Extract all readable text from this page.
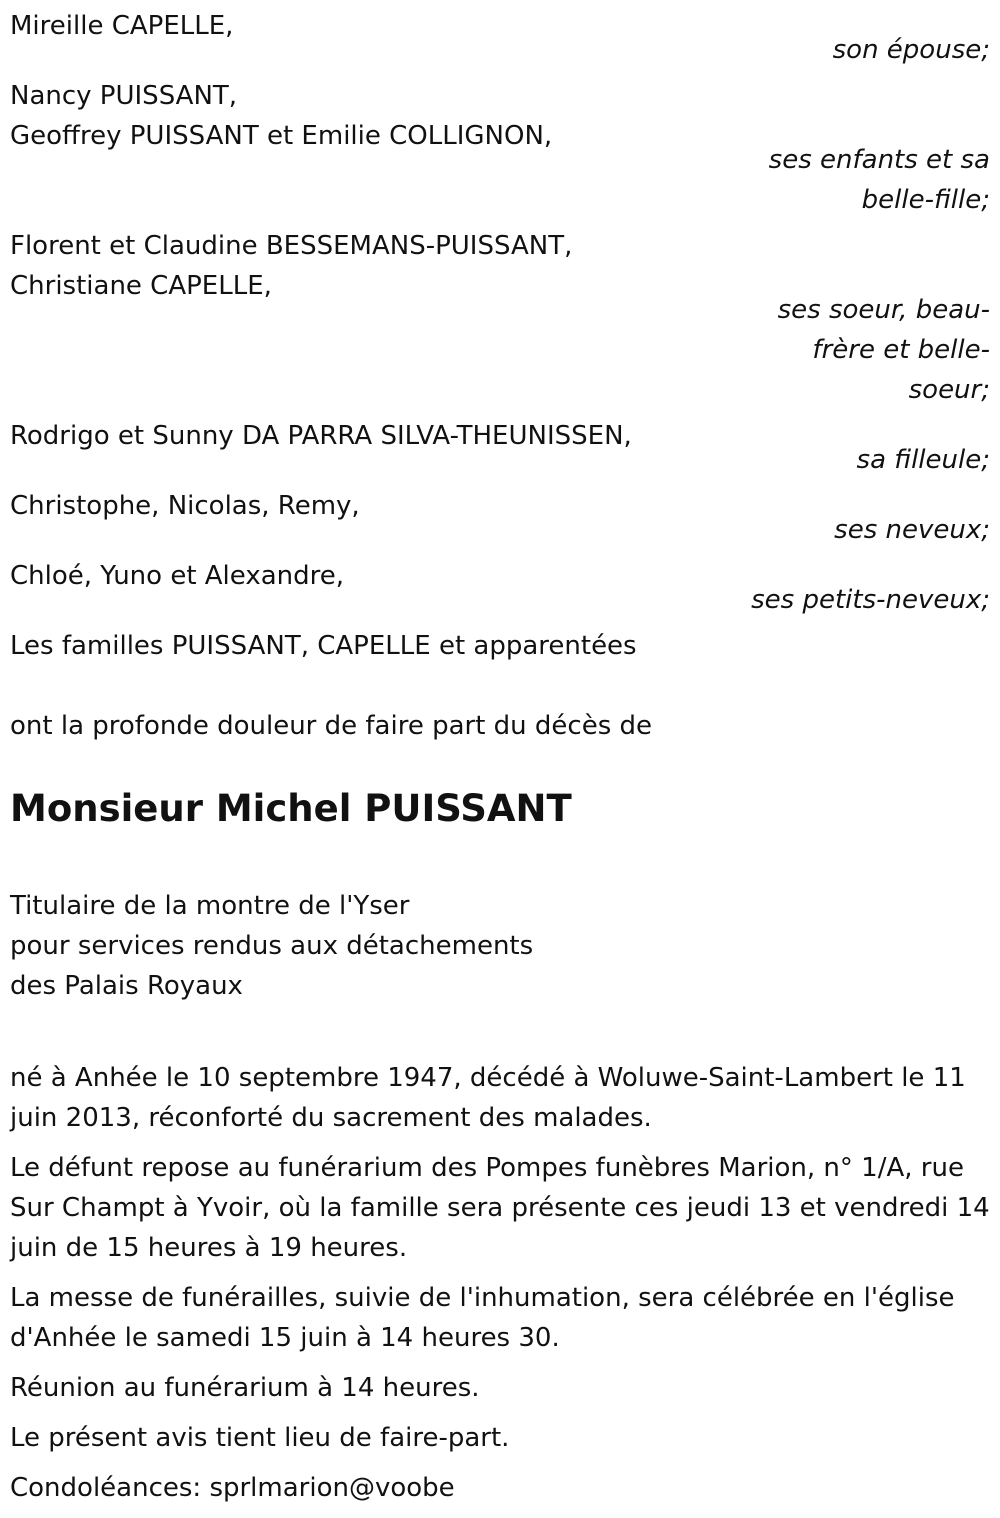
Mireille CAPELLE,
son épouse;
Nancy PUISSANT,
Geoffrey PUISSANT et Emilie COLLIGNON,
ses enfants et sa belle-fille;
Florent et Claudine BESSEMANS-PUISSANT,
Christiane CAPELLE,
ses soeur, beau-frère et belle-soeur;
Rodrigo et Sunny DA PARRA SILVA-THEUNISSEN,
sa filleule;
Christophe, Nicolas, Remy,
ses neveux;
Chloé, Yuno et Alexandre,
ses petits-neveux;
Les familles PUISSANT, CAPELLE et apparentées
ont la profonde douleur de faire part du décès de
Monsieur Michel PUISSANT
Titulaire de la montre de l'Yser
pour services rendus aux détachements
des Palais Royaux
né à Anhée le 10 septembre 1947, décédé à Woluwe-Saint-Lambert le 11 juin 2013, réconforté du sacrement des malades.
Le défunt repose au funérarium des Pompes funèbres Marion, n° 1/A, rue Sur Champt à Yvoir, où la famille sera présente ces jeudi 13 et vendredi 14 juin de 15 heures à 19 heures.
La messe de funérailles, suivie de l'inhumation, sera célébrée en l'église d'Anhée le samedi 15 juin à 14 heures 30.
Réunion au funérarium à 14 heures.
Le présent avis tient lieu de faire-part.
Condoléances: sprlmarion@voobe
